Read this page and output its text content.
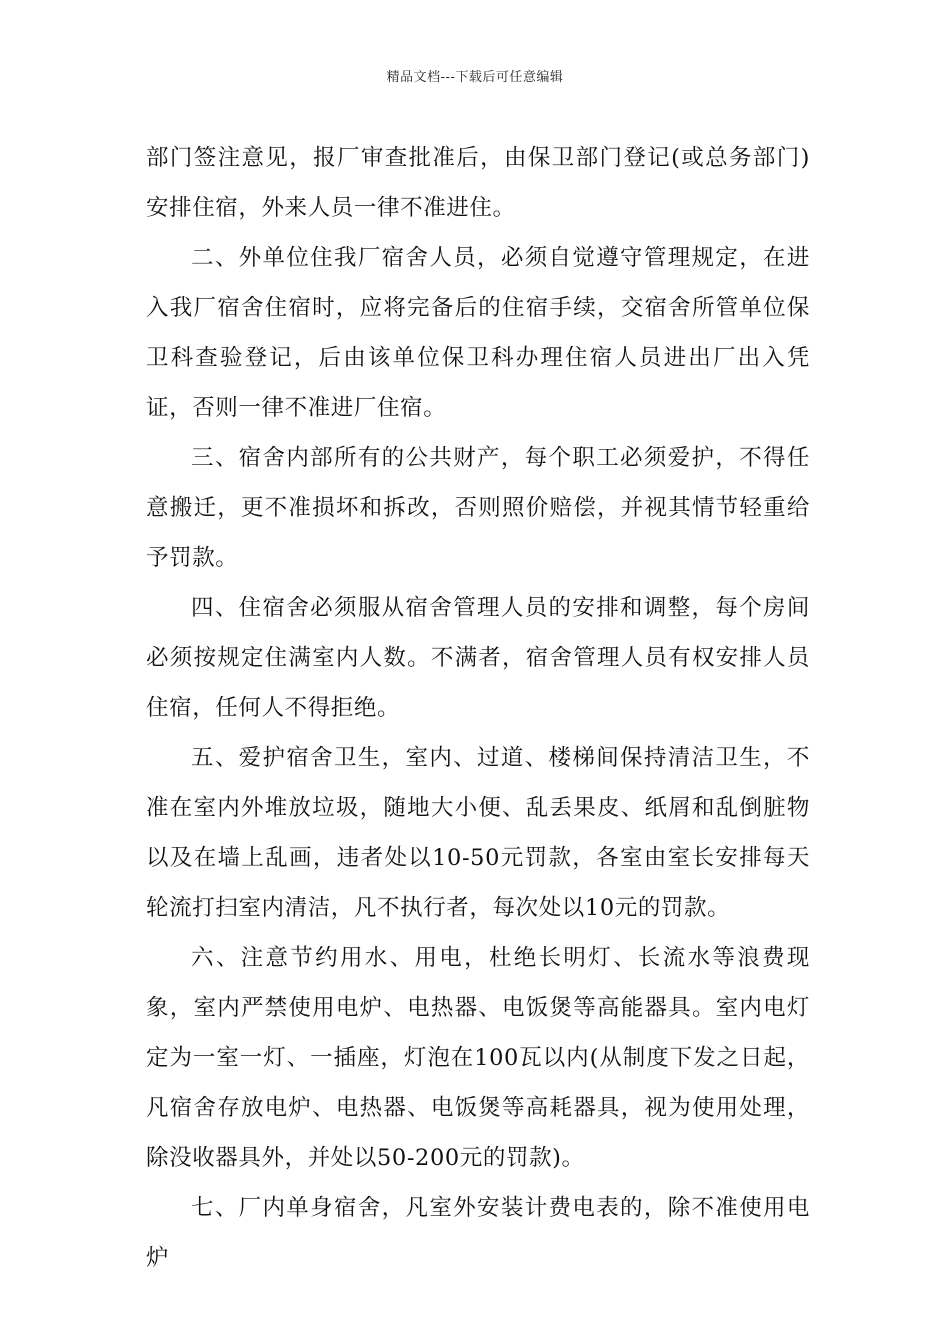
精品文档---下载后可任意编辑

部门签注意见，报厂审查批准后，由保卫部门登记(或总务部门)安排住宿，外来人员一律不准进住。

二、外单位住我厂宿舍人员，必须自觉遵守管理规定，在进入我厂宿舍住宿时，应将完备后的住宿手续，交宿舍所管单位保卫科查验登记，后由该单位保卫科办理住宿人员进出厂出入凭证，否则一律不准进厂住宿。

三、宿舍内部所有的公共财产，每个职工必须爱护，不得任意搬迁，更不准损坏和拆改，否则照价赔偿，并视其情节轻重给予罚款。

四、住宿舍必须服从宿舍管理人员的安排和调整，每个房间必须按规定住满室内人数。不满者，宿舍管理人员有权安排人员住宿，任何人不得拒绝。

五、爱护宿舍卫生，室内、过道、楼梯间保持清洁卫生，不准在室内外堆放垃圾，随地大小便、乱丢果皮、纸屑和乱倒脏物以及在墙上乱画，违者处以10-50元罚款，各室由室长安排每天轮流打扫室内清洁，凡不执行者，每次处以10元的罚款。

六、注意节约用水、用电，杜绝长明灯、长流水等浪费现象，室内严禁使用电炉、电热器、电饭煲等高能器具。室内电灯定为一室一灯、一插座，灯泡在100瓦以内(从制度下发之日起，凡宿舍存放电炉、电热器、电饭煲等高耗器具，视为使用处理，除没收器具外，并处以50-200元的罚款)。

七、厂内单身宿舍，凡室外安装计费电表的，除不准使用电炉
